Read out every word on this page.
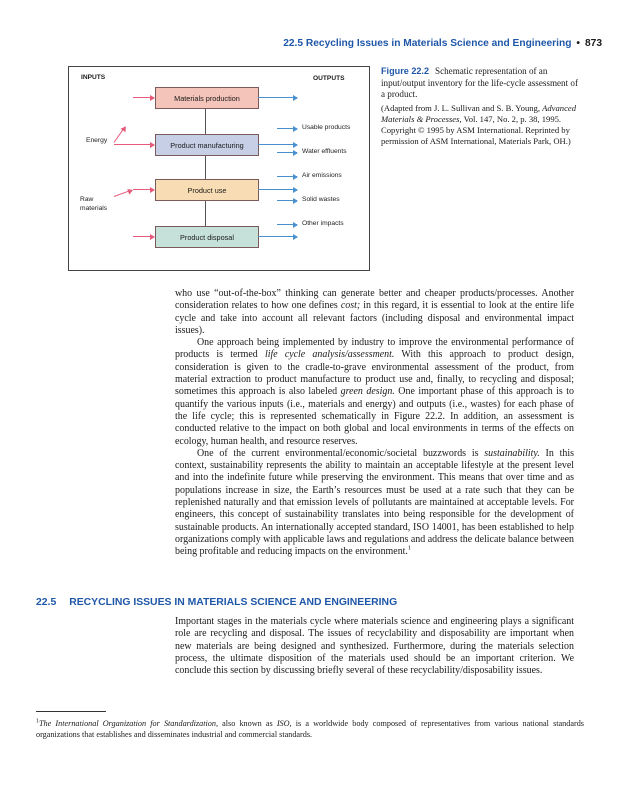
22.5 Recycling Issues in Materials Science and Engineering • 873
INPUTS	OUTPUTS
Materials production
Product manufacturing
Product use
Product disposal
Energy
Raw
materials
Usable products
Water effluents
Air emissions
Solid wastes
Other impacts
Figure 22.2 Schematic representation of an input/output inventory for the life-cycle assessment of a product.
(Adapted from J. L. Sullivan and S. B. Young, Advanced Materials & Processes, Vol. 147, No. 2, p. 38, 1995. Copyright © 1995 by ASM International. Reprinted by permission of ASM International, Materials Park, OH.)

who use “out-of-the-box” thinking can generate better and cheaper products/processes. Another consideration relates to how one defines cost; in this regard, it is essential to look at the entire life cycle and take into account all relevant factors (including disposal and environmental impact issues).

One approach being implemented by industry to improve the environmental performance of products is termed life cycle analysis/assessment. With this approach to product design, consideration is given to the cradle-to-grave environmental assessment of the product, from material extraction to product manufacture to product use and, finally, to recycling and disposal; sometimes this approach is also labeled green design. One important phase of this approach is to quantify the various inputs (i.e., materials and energy) and outputs (i.e., wastes) for each phase of the life cycle; this is represented schematically in Figure 22.2. In addition, an assessment is conducted relative to the impact on both global and local environments in terms of the effects on ecology, human health, and resource reserves.

One of the current environmental/economic/societal buzzwords is sustainability. In this context, sustainability represents the ability to maintain an acceptable lifestyle at the present level and into the indefinite future while preserving the environment. This means that over time and as populations increase in size, the Earth’s resources must be used at a rate such that they can be replenished naturally and that emission levels of pollutants are maintained at acceptable levels. For engineers, this concept of sustainability translates into being responsible for the development of sustainable products. An internationally accepted standard, ISO 14001, has been established to help organizations comply with applicable laws and regulations and address the delicate balance between being profitable and reducing impacts on the environment.$^1$

22.5 RECYCLING ISSUES IN MATERIALS SCIENCE AND ENGINEERING

Important stages in the materials cycle where materials science and engineering plays a significant role are recycling and disposal. The issues of recyclability and disposability are important when new materials are being designed and synthesized. Furthermore, during the materials selection process, the ultimate disposition of the materials used should be an important criterion. We conclude this section by discussing briefly several of these recyclability/disposability issues.

$^1$The International Organization for Standardization, also known as ISO, is a worldwide body composed of representatives from various national standards organizations that establishes and disseminates industrial and commercial standards.
